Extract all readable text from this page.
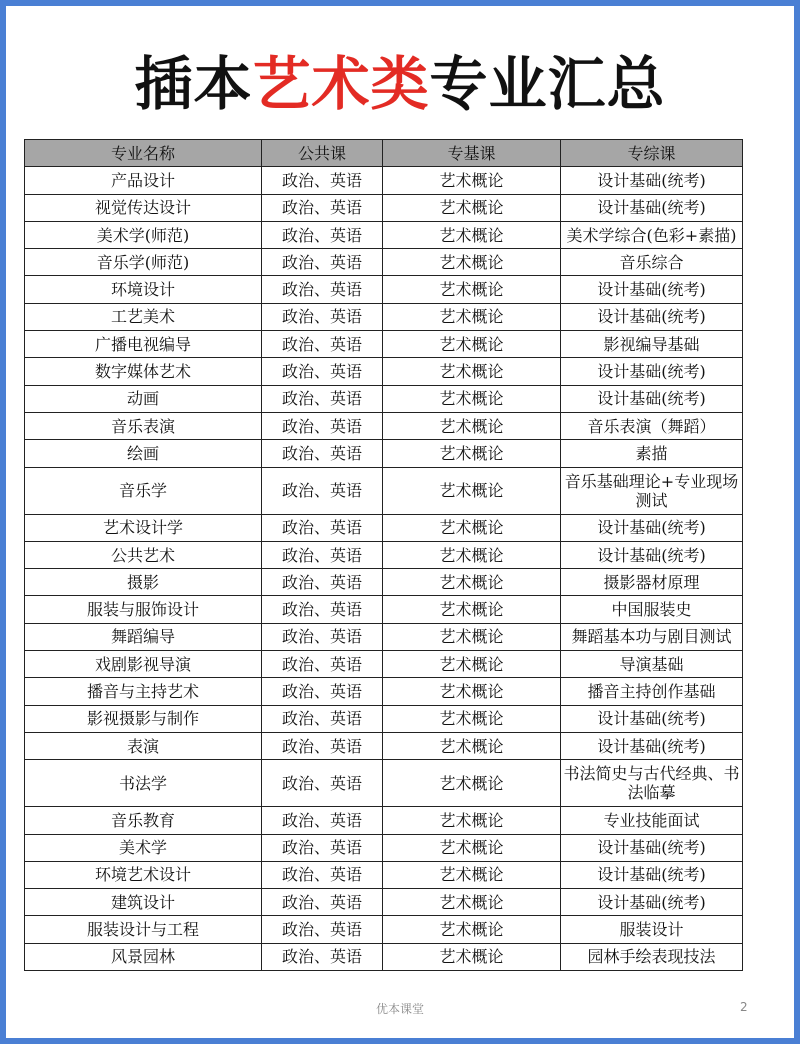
插本艺术类专业汇总
专业名称	公共课	专基课	专综课
产品设计	政治、英语	艺术概论	设计基础(统考)
视觉传达设计	政治、英语	艺术概论	设计基础(统考)
美术学(师范)	政治、英语	艺术概论	美术学综合(色彩+素描)
音乐学(师范)	政治、英语	艺术概论	音乐综合
环境设计	政治、英语	艺术概论	设计基础(统考)
工艺美术	政治、英语	艺术概论	设计基础(统考)
广播电视编导	政治、英语	艺术概论	影视编导基础
数字媒体艺术	政治、英语	艺术概论	设计基础(统考)
动画	政治、英语	艺术概论	设计基础(统考)
音乐表演	政治、英语	艺术概论	音乐表演（舞蹈）
绘画	政治、英语	艺术概论	素描
音乐学	政治、英语	艺术概论	音乐基础理论+专业现场测试
艺术设计学	政治、英语	艺术概论	设计基础(统考)
公共艺术	政治、英语	艺术概论	设计基础(统考)
摄影	政治、英语	艺术概论	摄影器材原理
服装与服饰设计	政治、英语	艺术概论	中国服装史
舞蹈编导	政治、英语	艺术概论	舞蹈基本功与剧目测试
戏剧影视导演	政治、英语	艺术概论	导演基础
播音与主持艺术	政治、英语	艺术概论	播音主持创作基础
影视摄影与制作	政治、英语	艺术概论	设计基础(统考)
表演	政治、英语	艺术概论	设计基础(统考)
书法学	政治、英语	艺术概论	书法简史与古代经典、书法临摹
音乐教育	政治、英语	艺术概论	专业技能面试
美术学	政治、英语	艺术概论	设计基础(统考)
环境艺术设计	政治、英语	艺术概论	设计基础(统考)
建筑设计	政治、英语	艺术概论	设计基础(统考)
服装设计与工程	政治、英语	艺术概论	服装设计
风景园林	政治、英语	艺术概论	园林手绘表现技法
优本课堂	2
